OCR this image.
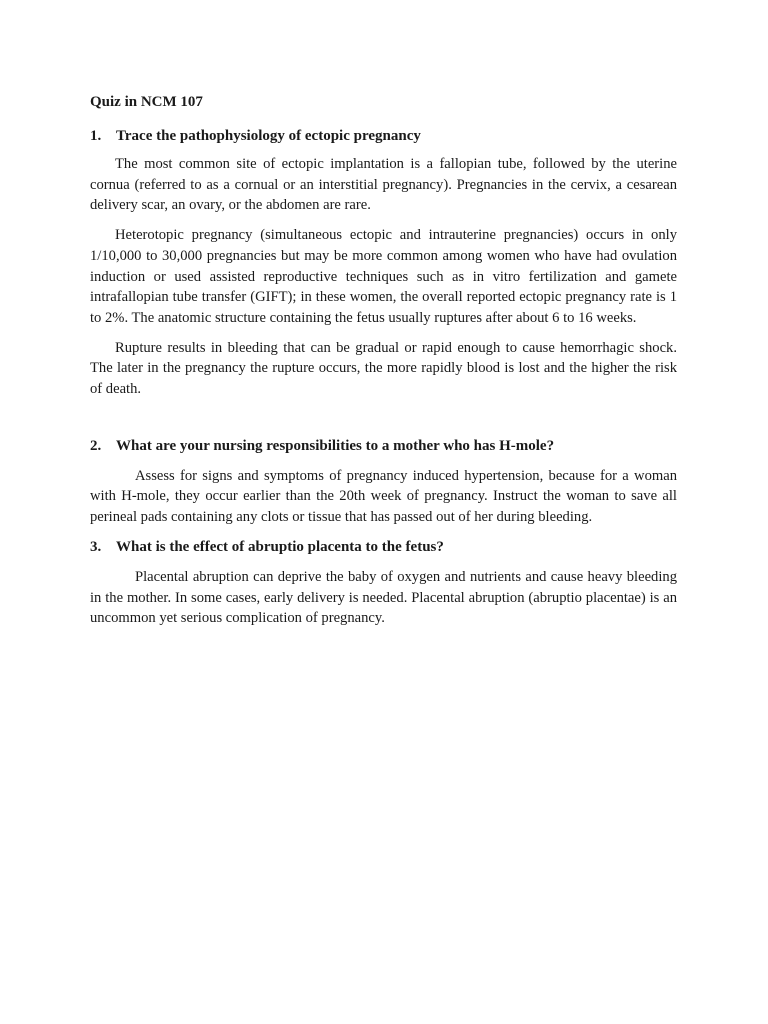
Quiz in NCM 107
1. Trace the pathophysiology of ectopic pregnancy

The most common site of ectopic implantation is a fallopian tube, followed by the uterine cornua (referred to as a cornual or an interstitial pregnancy). Pregnancies in the cervix, a cesarean delivery scar, an ovary, or the abdomen are rare.

Heterotopic pregnancy (simultaneous ectopic and intrauterine pregnancies) occurs in only 1/10,000 to 30,000 pregnancies but may be more common among women who have had ovulation induction or used assisted reproductive techniques such as in vitro fertilization and gamete intrafallopian tube transfer (GIFT); in these women, the overall reported ectopic pregnancy rate is 1 to 2%. The anatomic structure containing the fetus usually ruptures after about 6 to 16 weeks.

Rupture results in bleeding that can be gradual or rapid enough to cause hemorrhagic shock. The later in the pregnancy the rupture occurs, the more rapidly blood is lost and the higher the risk of death.

2. What are your nursing responsibilities to a mother who has H-mole?

Assess for signs and symptoms of pregnancy induced hypertension, because for a woman with H-mole, they occur earlier than the 20th week of pregnancy. Instruct the woman to save all perineal pads containing any clots or tissue that has passed out of her during bleeding.

3. What is the effect of abruptio placenta to the fetus?

Placental abruption can deprive the baby of oxygen and nutrients and cause heavy bleeding in the mother. In some cases, early delivery is needed. Placental abruption (abruptio placentae) is an uncommon yet serious complication of pregnancy.
